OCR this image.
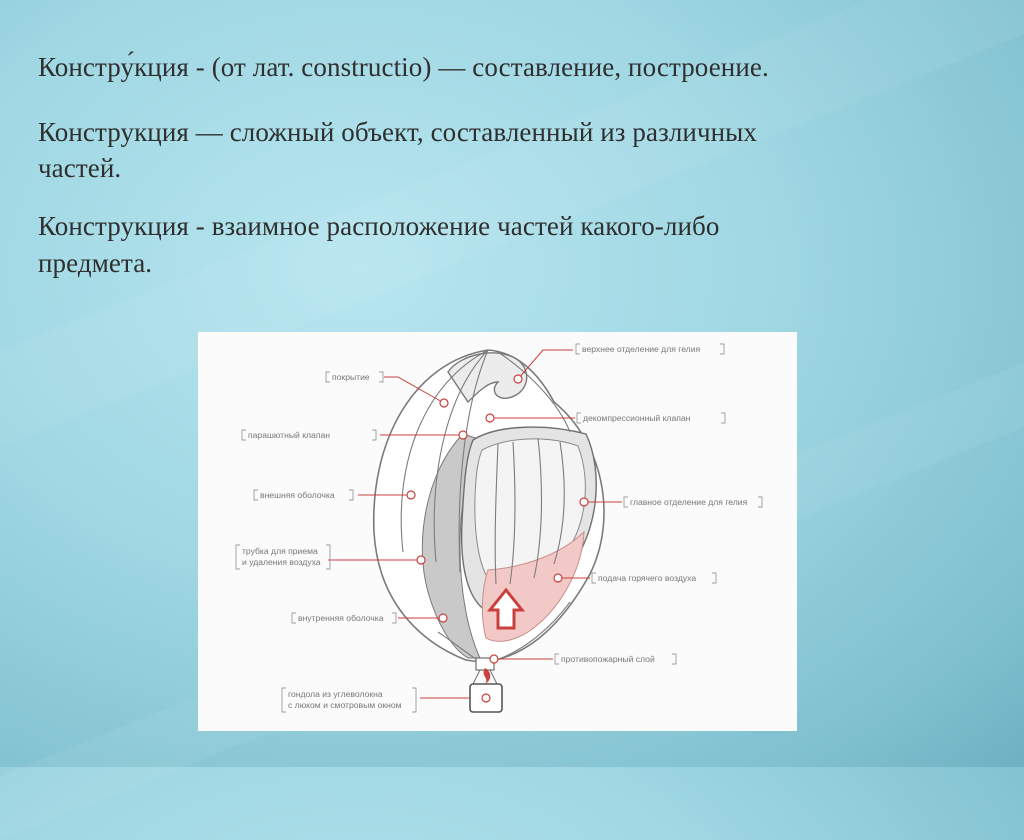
Констру́кция - (от лат. constructio) — составление, построение.
Конструкция — сложный объект, составленный из различных
частей.
Конструкция - взаимное расположение частей какого-либо
предмета.
верхнее отделение для гелия
декомпрессионный клапан
главное отделение для гелия
подача горячего воздуха
противопожарный слой
покрытие
парашютный клапан
внешняя оболочка
трубка для приема
и удаления воздуха
внутренняя оболочка
гондола из углеволокна
с люком и смотровым окном
